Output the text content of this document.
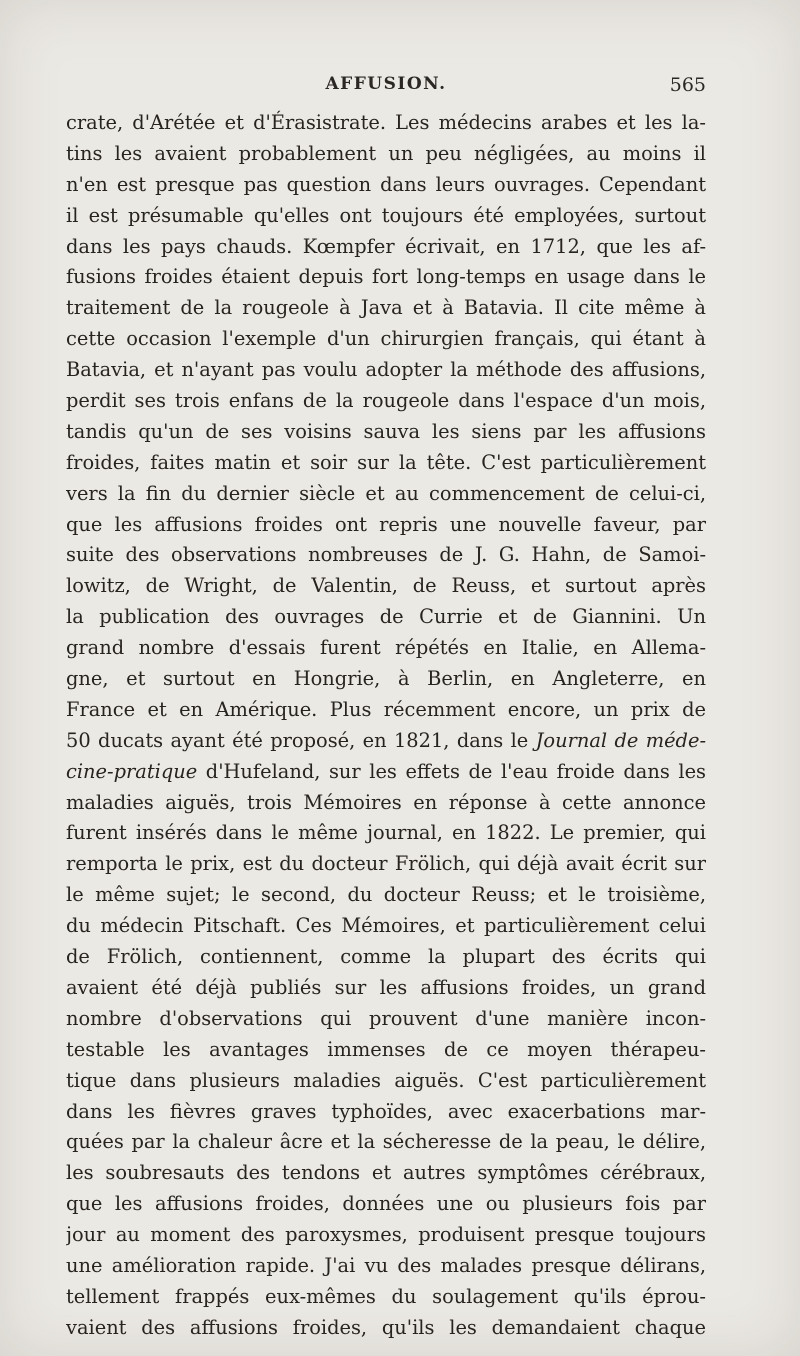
AFFUSION.	565
crate, d'Arétée et d'Érasistrate. Les médecins arabes et les la-
tins les avaient probablement un peu négligées, au moins il
n'en est presque pas question dans leurs ouvrages. Cependant
il est présumable qu'elles ont toujours été employées, surtout
dans les pays chauds. Kœmpfer écrivait, en 1712, que les af-
fusions froides étaient depuis fort long-temps en usage dans le
traitement de la rougeole à Java et à Batavia. Il cite même à
cette occasion l'exemple d'un chirurgien français, qui étant à
Batavia, et n'ayant pas voulu adopter la méthode des affusions,
perdit ses trois enfans de la rougeole dans l'espace d'un mois,
tandis qu'un de ses voisins sauva les siens par les affusions
froides, faites matin et soir sur la tête. C'est particulièrement
vers la fin du dernier siècle et au commencement de celui-ci,
que les affusions froides ont repris une nouvelle faveur, par
suite des observations nombreuses de J. G. Hahn, de Samoi-
lowitz, de Wright, de Valentin, de Reuss, et surtout après
la publication des ouvrages de Currie et de Giannini. Un
grand nombre d'essais furent répétés en Italie, en Allema-
gne, et surtout en Hongrie, à Berlin, en Angleterre, en
France et en Amérique. Plus récemment encore, un prix de
50 ducats ayant été proposé, en 1821, dans le Journal de méde-
cine-pratique d'Hufeland, sur les effets de l'eau froide dans les
maladies aiguës, trois Mémoires en réponse à cette annonce
furent insérés dans le même journal, en 1822. Le premier, qui
remporta le prix, est du docteur Frölich, qui déjà avait écrit sur
le même sujet; le second, du docteur Reuss; et le troisième,
du médecin Pitschaft. Ces Mémoires, et particulièrement celui
de Frölich, contiennent, comme la plupart des écrits qui
avaient été déjà publiés sur les affusions froides, un grand
nombre d'observations qui prouvent d'une manière incon-
testable les avantages immenses de ce moyen thérapeu-
tique dans plusieurs maladies aiguës. C'est particulièrement
dans les fièvres graves typhoïdes, avec exacerbations mar-
quées par la chaleur âcre et la sécheresse de la peau, le délire,
les soubresauts des tendons et autres symptômes cérébraux,
que les affusions froides, données une ou plusieurs fois par
jour au moment des paroxysmes, produisent presque toujours
une amélioration rapide. J'ai vu des malades presque délirans,
tellement frappés eux-mêmes du soulagement qu'ils éprou-
vaient des affusions froides, qu'ils les demandaient chaque
